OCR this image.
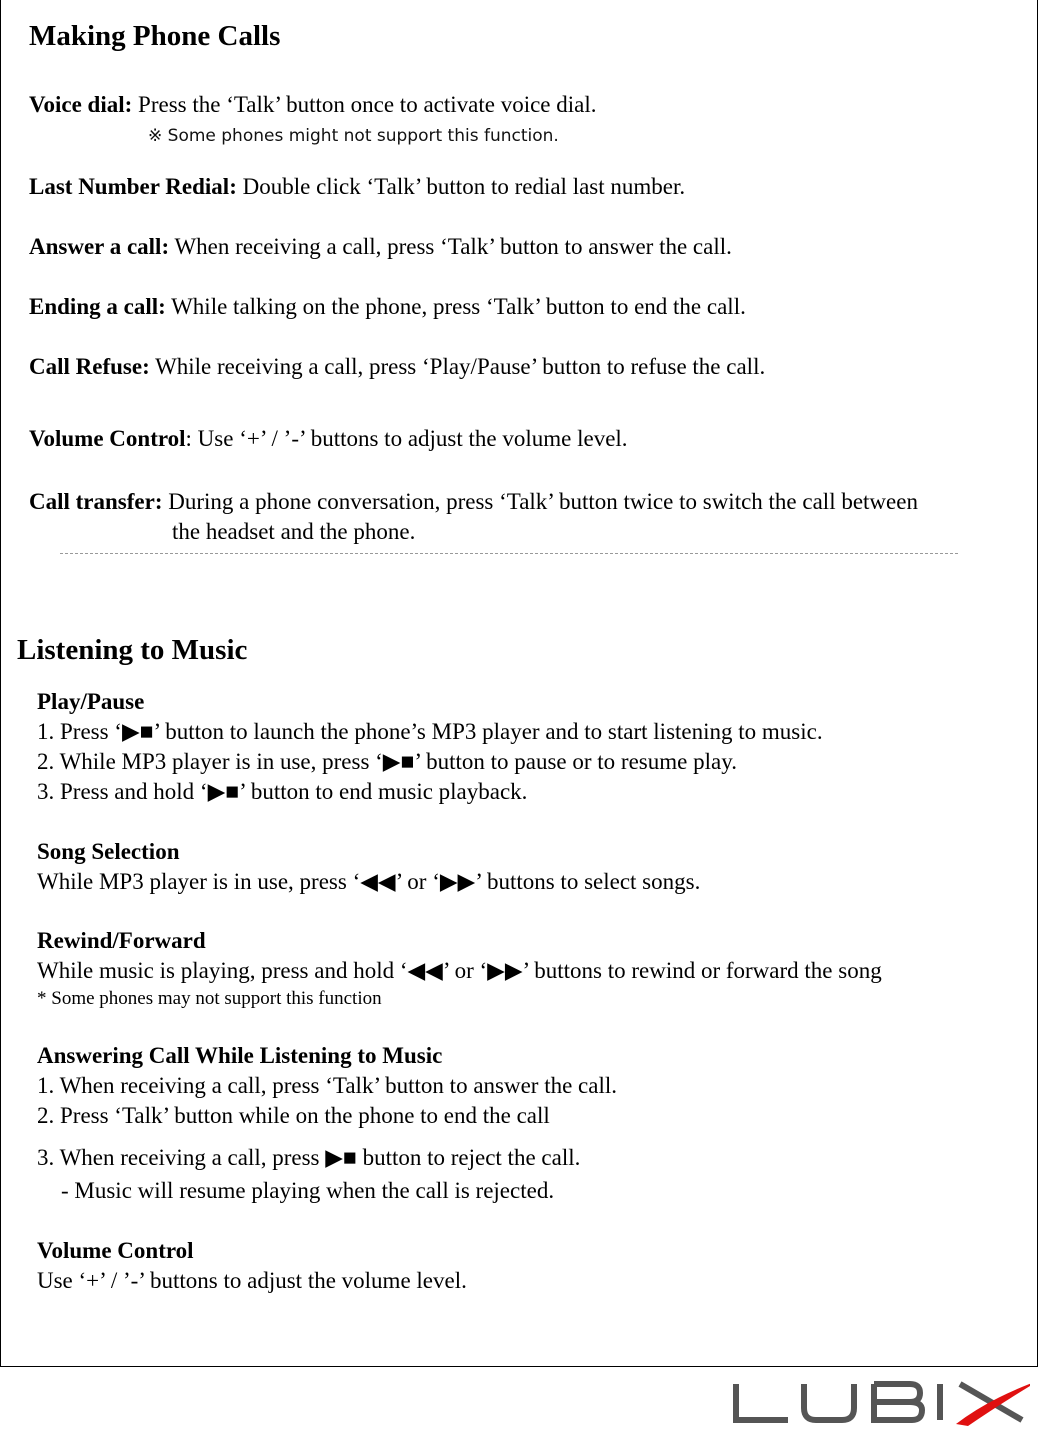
Making Phone Calls
Voice dial: Press the ‘Talk’ button once to activate voice dial.
※ Some phones might not support this function.
Last Number Redial: Double click ‘Talk’ button to redial last number.
Answer a call: When receiving a call, press ‘Talk’ button to answer the call.
Ending a call: While talking on the phone, press ‘Talk’ button to end the call.
Call Refuse: While receiving a call, press ‘Play/Pause’ button to refuse the call.
Volume Control: Use ‘+’ / ’-’ buttons to adjust the volume level.
Call transfer: During a phone conversation, press ‘Talk’ button twice to switch the call between
the headset and the phone.
Listening to Music
Play/Pause
1. Press ‘▶■’ button to launch the phone’s MP3 player and to start listening to music.
2. While MP3 player is in use, press ‘▶■’ button to pause or to resume play.
3. Press and hold ‘▶■’ button to end music playback.
Song Selection
While MP3 player is in use, press ‘◀◀’ or ‘▶▶’ buttons to select songs.
Rewind/Forward
While music is playing, press and hold ‘◀◀’ or ‘▶▶’ buttons to rewind or forward the song
* Some phones may not support this function
Answering Call While Listening to Music
1. When receiving a call, press ‘Talk’ button to answer the call.
2. Press ‘Talk’ button while on the phone to end the call
3. When receiving a call, press ▶■ button to reject the call.
- Music will resume playing when the call is rejected.
Volume Control
Use ‘+’ / ’-’ buttons to adjust the volume level.
